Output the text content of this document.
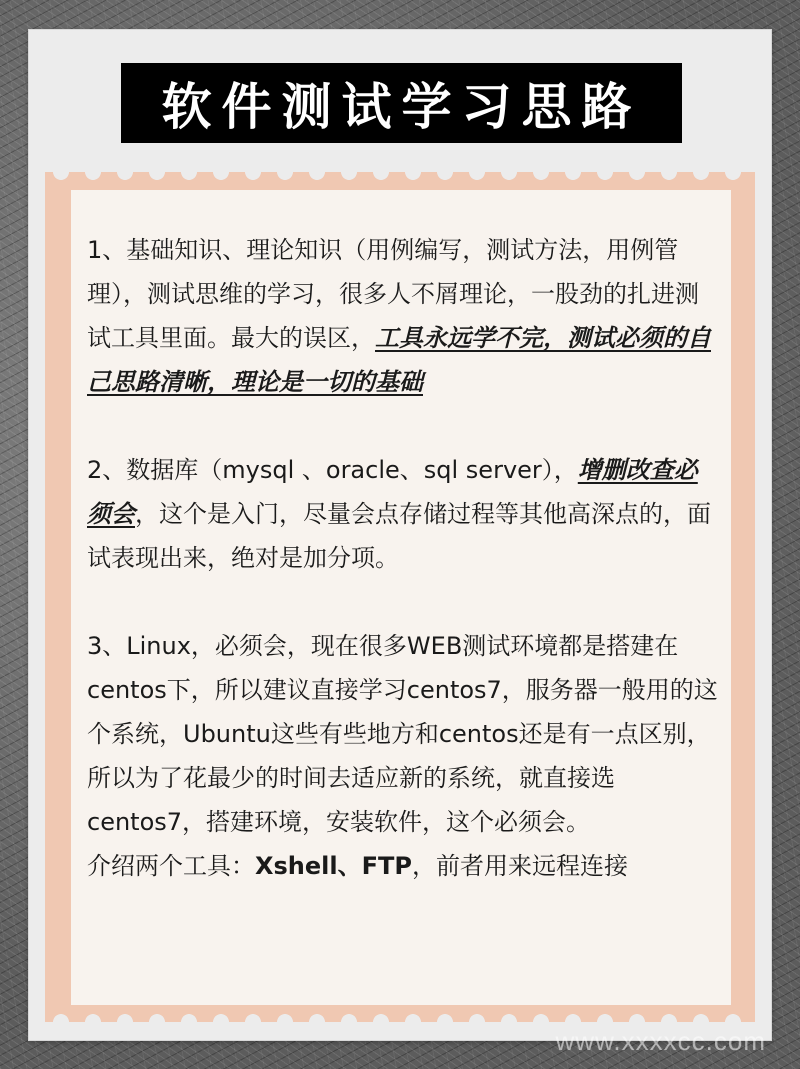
软件测试学习思路

1、基础知识、理论知识（用例编写，测试方法，用例管理），测试思维的学习，很多人不屑理论，一股劲的扎进测试工具里面。最大的误区，工具永远学不完，测试必须的自己思路清晰，理论是一切的基础

2、数据库（mysql 、oracle、sql server），增删改查必须会，这个是入门，尽量会点存储过程等其他高深点的，面试表现出来，绝对是加分项。

3、Linux，必须会，现在很多WEB测试环境都是搭建在centos下，所以建议直接学习centos7，服务器一般用的这个系统，Ubuntu这些有些地方和centos还是有一点区别，所以为了花最少的时间去适应新的系统，就直接选centos7，搭建环境，安装软件，这个必须会。

介绍两个工具：Xshell、FTP，前者用来远程连接

www.xxxxcc.com
